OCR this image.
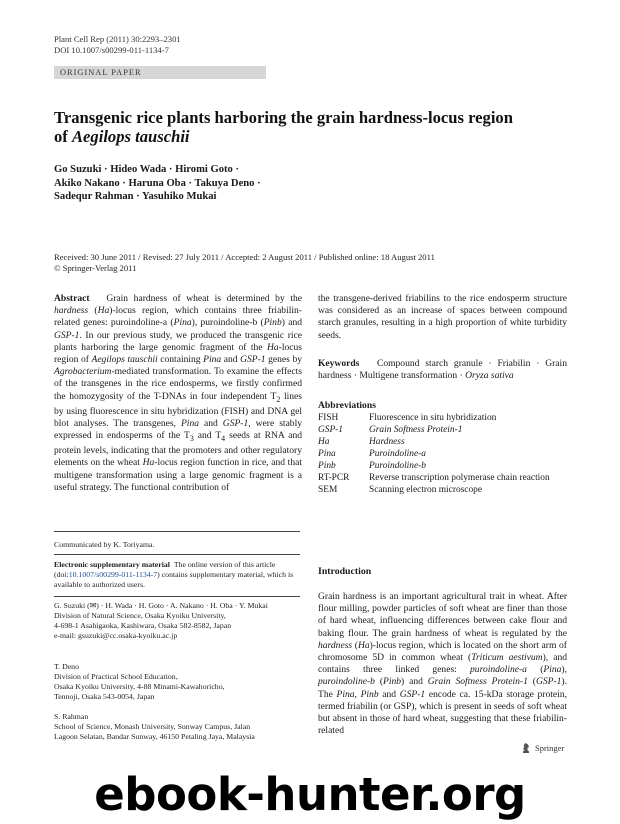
Plant Cell Rep (2011) 30:2293–2301
DOI 10.1007/s00299-011-1134-7
ORIGINAL PAPER
Transgenic rice plants harboring the grain hardness-locus region
of Aegilops tauschii
Go Suzuki · Hideo Wada · Hiromi Goto ·
Akiko Nakano · Haruna Oba · Takuya Deno ·
Sadequr Rahman · Yasuhiko Mukai
Received: 30 June 2011 / Revised: 27 July 2011 / Accepted: 2 August 2011 / Published online: 18 August 2011
© Springer-Verlag 2011

Abstract Grain hardness of wheat is determined by the hardness (Ha)-locus region, which contains three friabilin-related genes: puroindoline-a (Pina), puroindoline-b (Pinb) and GSP-1. In our previous study, we produced the transgenic rice plants harboring the large genomic fragment of the Ha-locus region of Aegilops tauschii containing Pina and GSP-1 genes by Agrobacterium-mediated transformation. To examine the effects of the transgenes in the rice endosperms, we firstly confirmed the homozygosity of the T-DNAs in four independent $T_2$ lines by using fluorescence in situ hybridization (FISH) and DNA gel blot analyses. The transgenes, Pina and GSP-1, were stably expressed in endosperms of the $T_3$ and $T_4$ seeds at RNA and protein levels, indicating that the promoters and other regulatory elements on the wheat Ha-locus region function in rice, and that multigene transformation using a large genomic fragment is a useful strategy. The functional contribution of

Communicated by K. Toriyama.
Electronic supplementary material The online version of this article (doi:10.1007/s00299-011-1134-7) contains supplementary material, which is available to authorized users.
G. Suzuki (✉) · H. Wada · H. Goto · A. Nakano · H. Oba · Y. Mukai
Division of Natural Science, Osaka Kyoiku University,
4-698-1 Asahigaoka, Kashiwara, Osaka 582-8582, Japan
e-mail: gsuzuki@cc.osaka-kyoiku.ac.jp
T. Deno
Division of Practical School Education,
Osaka Kyoiku University, 4-88 Minami-Kawahoricho,
Tennoji, Osaka 543-0054, Japan
S. Rahman
School of Science, Monash University, Sunway Campus, Jalan
Lagoon Selatan, Bandar Sunway, 46150 Petaling Jaya, Malaysia
the transgene-derived friabilins to the rice endosperm structure was considered as an increase of spaces between compound starch granules, resulting in a high proportion of white turbidity seeds.
Keywords Compound starch granule · Friabilin · Grain hardness · Multigene transformation · Oryza sativa
Abbreviations
FISH	Fluorescence in situ hybridization
GSP-1	Grain Softness Protein-1
Ha	Hardness
Pina	Puroindoline-a
Pinb	Puroindoline-b
RT-PCR	Reverse transcription polymerase chain reaction
SEM	Scanning electron microscope
Introduction

Grain hardness is an important agricultural trait in wheat. After flour milling, powder particles of soft wheat are finer than those of hard wheat, influencing differences between cake flour and baking flour. The grain hardness of wheat is regulated by the hardness (Ha)-locus region, which is located on the short arm of chromosome 5D in common wheat (Triticum aestivum), and contains three linked genes: puroindoline-a (Pina), puroindoline-b (Pinb) and Grain Softness Protein-1 (GSP-1). The Pina, Pinb and GSP-1 encode ca. 15-kDa storage protein, termed friabilin (or GSP), which is present in seeds of soft wheat but absent in those of hard wheat, suggesting that these friabilin-related

Springer
ebook-hunter.org
